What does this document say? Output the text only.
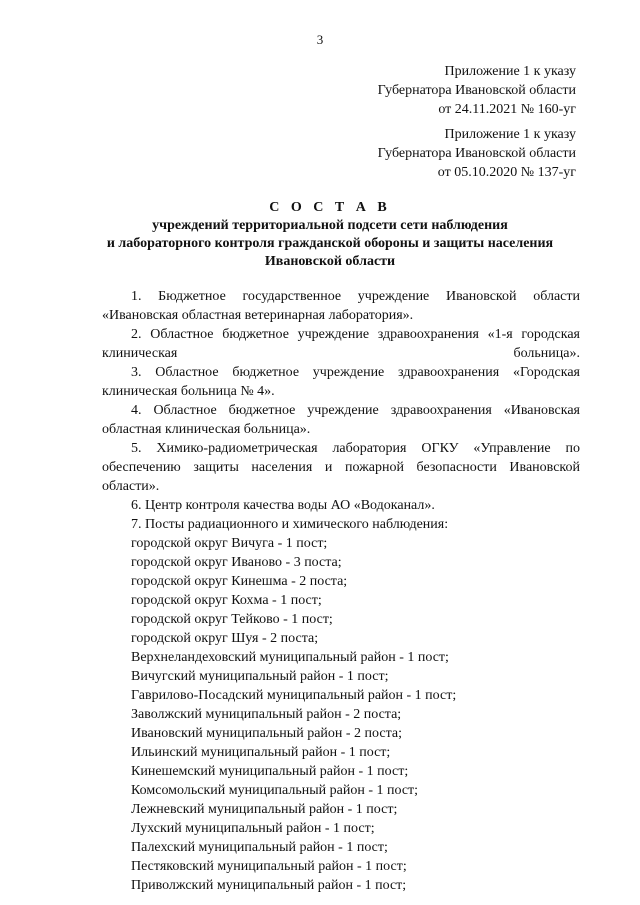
3
Приложение 1 к указу
Губернатора Ивановской области
от 24.11.2021 № 160-уг
Приложение 1 к указу
Губернатора Ивановской области
от 05.10.2020 № 137-уг
С О С Т А В
учреждений территориальной подсети сети наблюдения
и лабораторного контроля гражданской обороны и защиты населения
Ивановской области

1. Бюджетное государственное учреждение Ивановской области «Ивановская областная ветеринарная лаборатория».

2. Областное бюджетное учреждение здравоохранения «1-я городская клиническая больница».

3. Областное бюджетное учреждение здравоохранения «Городская клиническая больница № 4».

4. Областное бюджетное учреждение здравоохранения «Ивановская областная клиническая больница».

5. Химико-радиометрическая лаборатория ОГКУ «Управление по обеспечению защиты населения и пожарной безопасности Ивановской области».

6. Центр контроля качества воды АО «Водоканал».

7. Посты радиационного и химического наблюдения:

городской округ Вичуга - 1 пост;

городской округ Иваново - 3 поста;

городской округ Кинешма - 2 поста;

городской округ Кохма - 1 пост;

городской округ Тейково - 1 пост;

городской округ Шуя - 2 поста;

Верхнеландеховский муниципальный район - 1 пост;

Вичугский муниципальный район - 1 пост;

Гаврилово-Посадский муниципальный район - 1 пост;

Заволжский муниципальный район - 2 поста;

Ивановский муниципальный район - 2 поста;

Ильинский муниципальный район - 1 пост;

Кинешемский муниципальный район - 1 пост;

Комсомольский муниципальный район - 1 пост;

Лежневский муниципальный район - 1 пост;

Лухский муниципальный район - 1 пост;

Палехский муниципальный район - 1 пост;

Пестяковский муниципальный район - 1 пост;

Приволжский муниципальный район - 1 пост;
